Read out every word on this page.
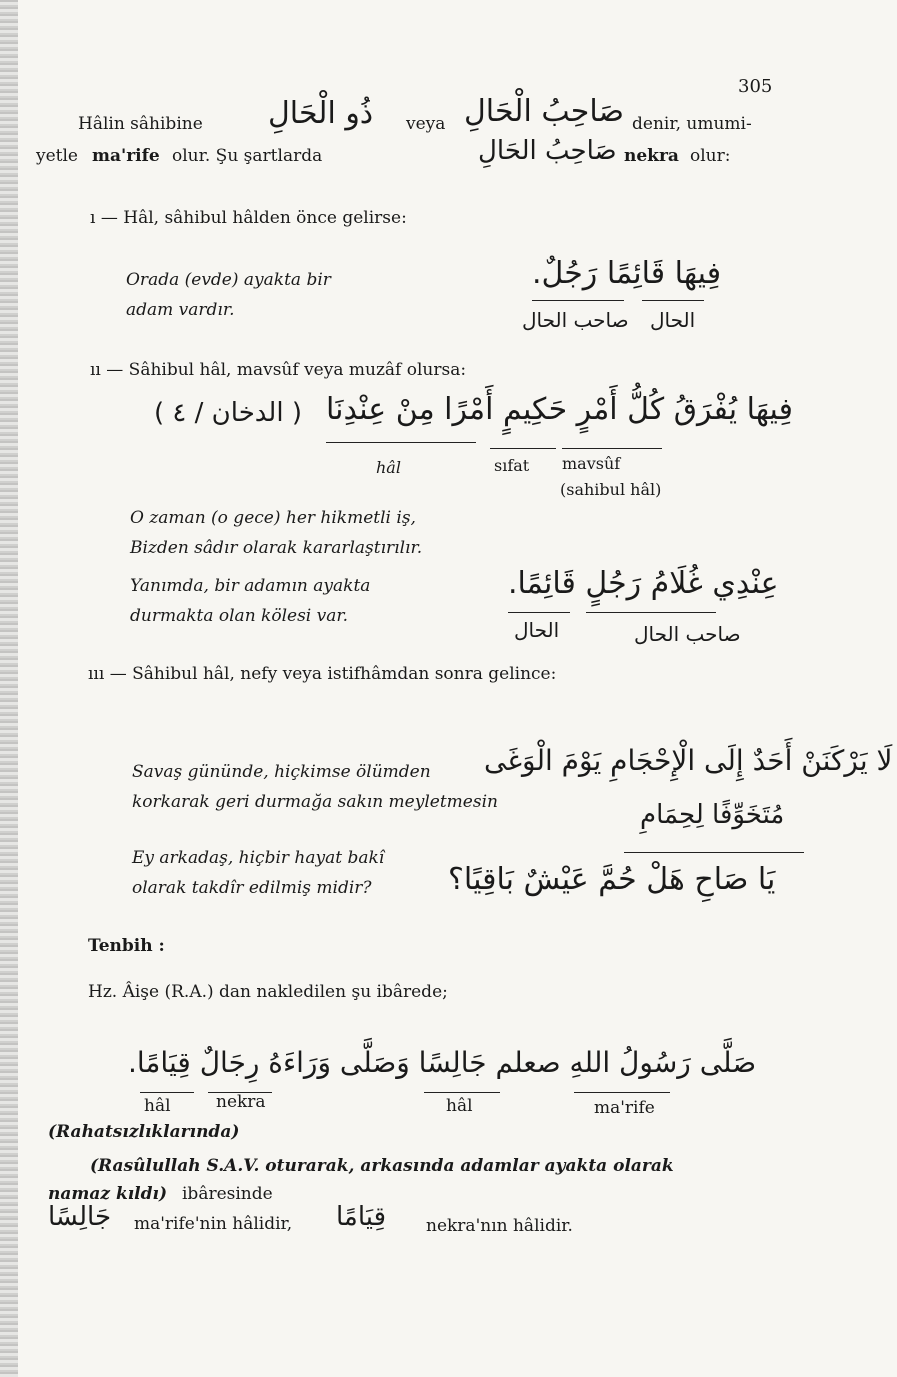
305
Hâlin sâhibine ذُو الْحَالِ veya صَاحِبُ الْحَالِ denir, umumi-
yetle ma'rife olur. Şu şartlarda	صَاحِبُ الحَالِ nekra olur:
ı — Hâl, sâhibul hâlden önce gelirse:
Orada (evde) ayakta bir
adam vardır.
فِيهَا قَائِمًا رَجُلٌ.
صاحب الحال الحال
ıı — Sâhibul hâl, mavsûf veya muzâf olursa:
( الدخان / ٤ ) فِيهَا يُفْرَقُ كُلُّ أَمْرٍ حَكِيمٍ أَمْرًا مِنْ عِنْدِنَا
hâl	sıfat mavsûf
(sahibul hâl)
O zaman (o gece) her hikmetli iş,
Bizden sâdır olarak kararlaştırılır.
Yanımda, bir adamın ayakta
durmakta olan kölesi var.
عِنْدِي غُلَامُ رَجُلٍ قَائِمًا.
الحال	صاحب الحال
ııı — Sâhibul hâl, nefy veya istifhâmdan sonra gelince:
Savaş gününde, hiçkimse ölümden
korkarak geri durmağa sakın meyletmesin
لَا يَرْكَنَنْ أَحَدٌ إِلَى الْإِحْجَامِ يَوْمَ الْوَغَى
مُتَخَوِّفًا لِحِمَامِ
Ey arkadaş, hiçbir hayat bakî
olarak takdîr edilmiş midir?	يَا صَاحِ هَلْ حُمَّ عَيْشٌ بَاقِيًا؟
Tenbih :
Hz. Âişe (R.A.) dan nakledilen şu ibârede;
صَلَّى رَسُولُ اللهِ صعلم جَالِسًا وَصَلَّى وَرَاءَهُ رِجَالٌ قِيَامًا.
hâl	nekra	hâl	ma'rife
(Rahatsızlıklarında)
(Rasûlullah S.A.V. oturarak, arkasında adamlar ayakta olarak
namaz kıldı) ibâresinde
جَالِسًا ma'rife'nin hâlidir, قِيَامًا nekra'nın hâlidir.
